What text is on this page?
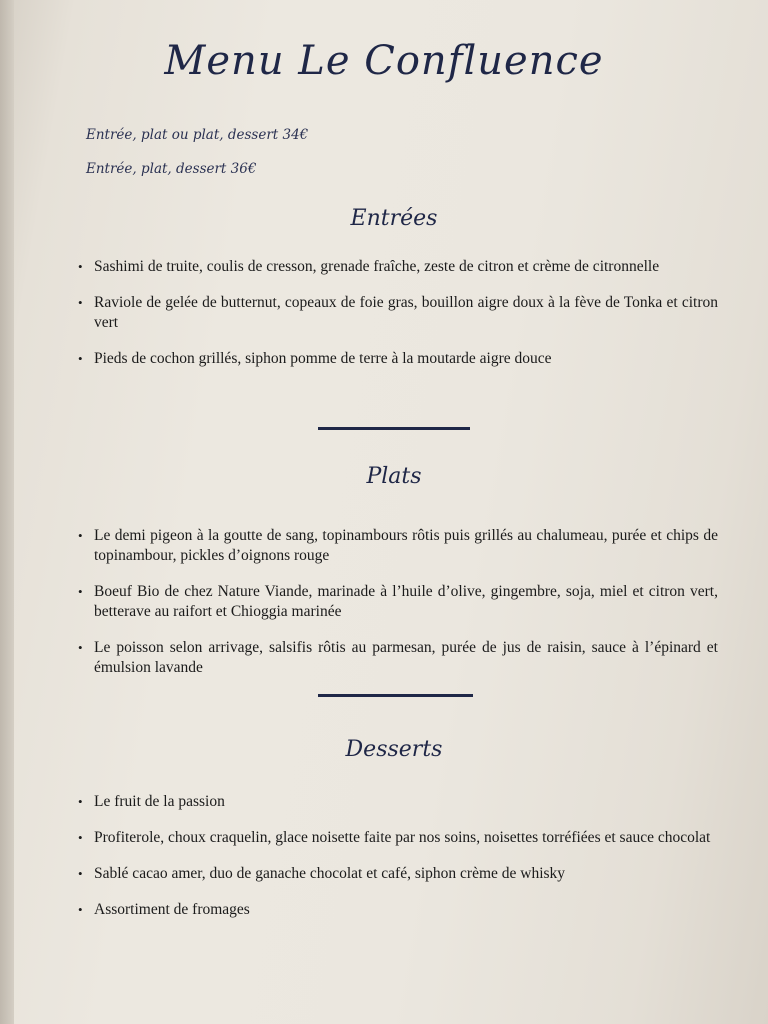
Menu Le Confluence
Entrée, plat ou plat, dessert 34€
Entrée, plat, dessert 36€
Entrées
• Sashimi de truite, coulis de cresson, grenade fraîche, zeste de citron et crème de citronnelle
• Raviole de gelée de butternut, copeaux de foie gras, bouillon aigre doux à la fève de Tonka et citron vert
• Pieds de cochon grillés, siphon pomme de terre à la moutarde aigre douce
Plats
• Le demi pigeon à la goutte de sang, topinambours rôtis puis grillés au chalumeau, purée et chips de topinambour, pickles d’oignons rouge
• Boeuf Bio de chez Nature Viande, marinade à l’huile d’olive, gingembre, soja, miel et citron vert, betterave au raifort et Chioggia marinée
• Le poisson selon arrivage, salsifis rôtis au parmesan, purée de jus de raisin, sauce à l’épinard et émulsion lavande
Desserts
• Le fruit de la passion
• Profiterole, choux craquelin, glace noisette faite par nos soins, noisettes torréfiées et sauce chocolat
• Sablé cacao amer, duo de ganache chocolat et café, siphon crème de whisky
• Assortiment de fromages
